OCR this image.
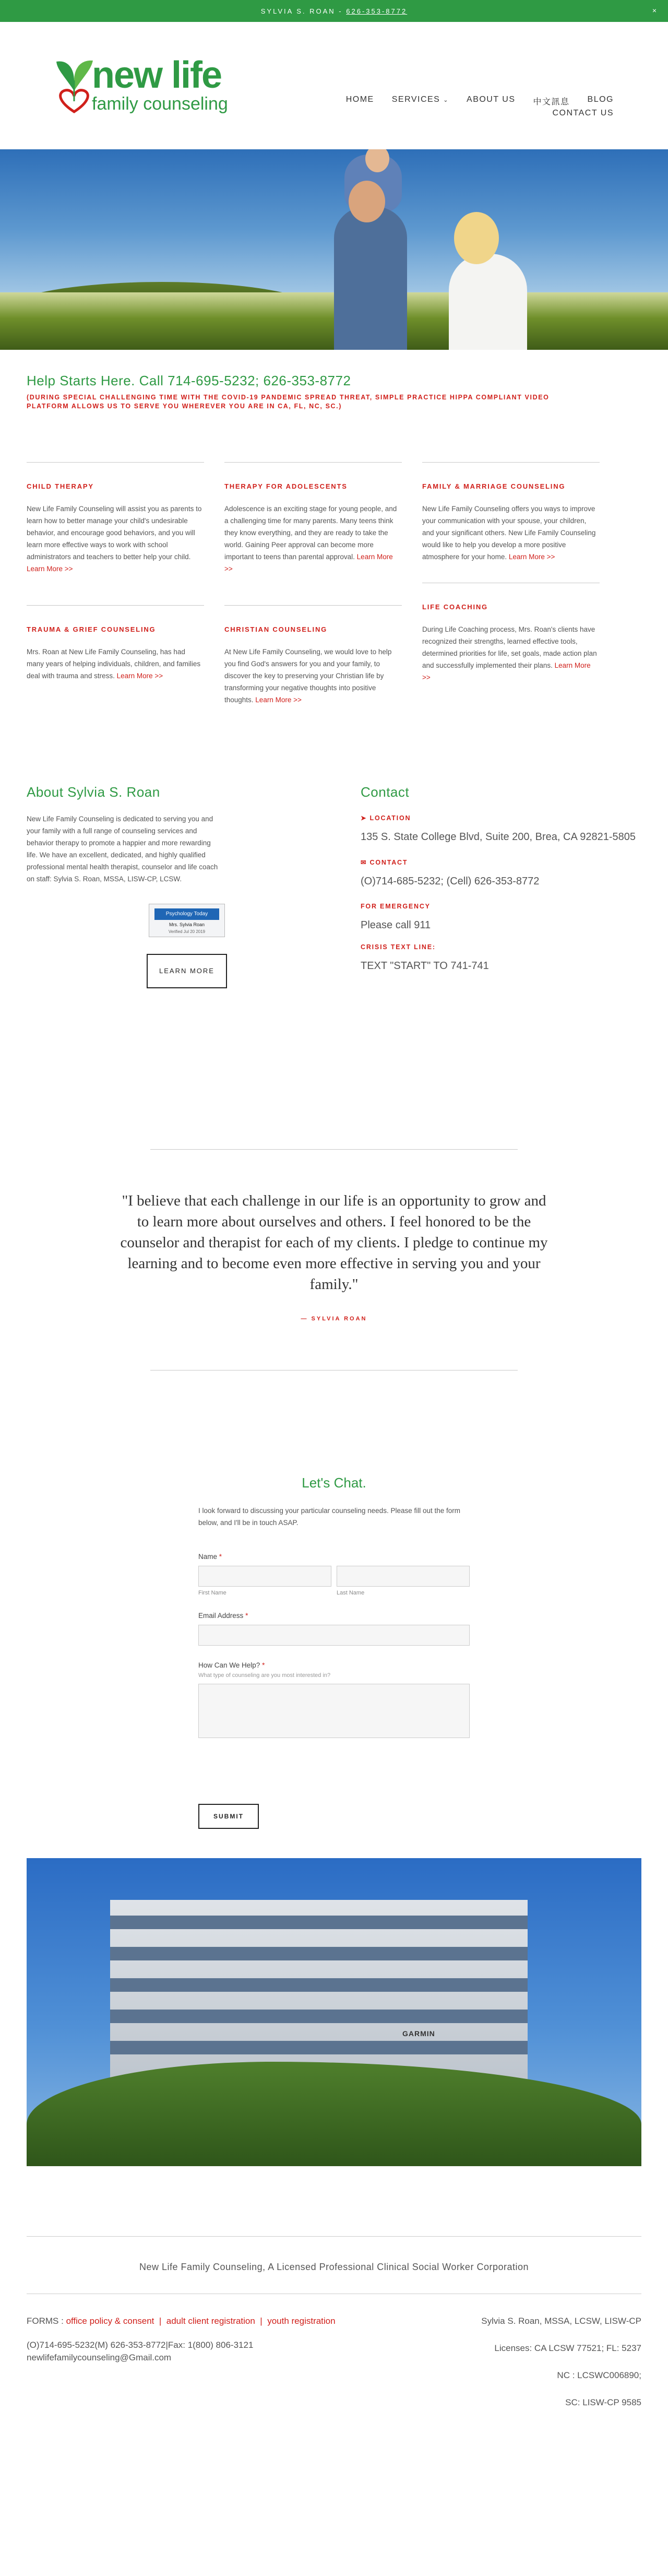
SYLVIA S. ROAN - 626-353-8772	×
new life
family counseling	HOME SERVICES ⌄ ABOUT US 中文訊息 BLOG
CONTACT US
Help Starts Here. Call 714-695-5232; 626-353-8772
(DURING SPECIAL CHALLENGING TIME WITH THE COVID-19 PANDEMIC SPREAD THREAT, SIMPLE PRACTICE HIPPA COMPLIANT VIDEO PLATFORM ALLOWS US TO SERVE YOU WHEREVER YOU ARE IN CA, FL, NC, SC.)
CHILD THERAPY

New Life Family Counseling will assist you as parents to learn how to better manage your child's undesirable behavior, and encourage good behaviors, and you will learn more effective ways to work with school administrators and teachers to better help your child. Learn More >>

TRAUMA & GRIEF COUNSELING

Mrs. Roan at New Life Family Counseling, has had many years of helping individuals, children, and families deal with trauma and stress. Learn More >>

THERAPY FOR ADOLESCENTS

Adolescence is an exciting stage for young people, and a challenging time for many parents. Many teens think they know everything, and they are ready to take the world. Gaining Peer approval can become more important to teens than parental approval. Learn More >>

CHRISTIAN COUNSELING

At New Life Family Counseling, we would love to help you find God's answers for you and your family, to discover the key to preserving your Christian life by transforming your negative thoughts into positive thoughts. Learn More >>

FAMILY & MARRIAGE COUNSELING

New Life Family Counseling offers you ways to improve your communication with your spouse, your children, and your significant others. New Life Family Counseling would like to help you develop a more positive atmosphere for your home. Learn More >>

LIFE COACHING

During Life Coaching process, Mrs. Roan's clients have recognized their strengths, learned effective tools, determined priorities for life, set goals, made action plan and successfully implemented their plans. Learn More >>

About Sylvia S. Roan

New Life Family Counseling is dedicated to serving you and your family with a full range of counseling services and behavior therapy to promote a happier and more rewarding life. We have an excellent, dedicated, and highly qualified professional mental health therapist, counselor and life coach on staff: Sylvia S. Roan, MSSA, LISW-CP, LCSW.

Psychology Today
Mrs. Sylvia Roan
Verified Jul 20 2019
LEARN MORE
Contact
➤ LOCATION
135 S. State College Blvd, Suite 200, Brea, CA 92821-5805
✉ CONTACT
(O)714-685-5232; (Cell) 626-353-8772
FOR EMERGENCY
Please call 911
CRISIS TEXT LINE:
TEXT "START" TO 741-741

"I believe that each challenge in our life is an opportunity to grow and to learn more about ourselves and others. I feel honored to be the counselor and therapist for each of my clients. I pledge to continue my learning and to become even more effective in serving you and your family."

— SYLVIA ROAN
Let's Chat.
I look forward to discussing your particular counseling needs. Please fill out the form below, and I'll be in touch ASAP.
Name *
First Name	Last Name
Email Address *
How Can We Help? *
What type of counseling are you most interested in?
SUBMIT
GARMIN
New Life Family Counseling, A Licensed Professional Clinical Social Worker Corporation
FORMS : office policy & consent  |  adult client registration  |  youth registration
(O)714-695-5232(M) 626-353-8772|Fax: 1(800) 806-3121
newlifefamilycounseling@Gmail.com
Sylvia S. Roan, MSSA, LCSW, LISW-CP
Licenses: CA LCSW 77521; FL: 5237
NC : LCSWC006890;
SC: LISW-CP 9585
